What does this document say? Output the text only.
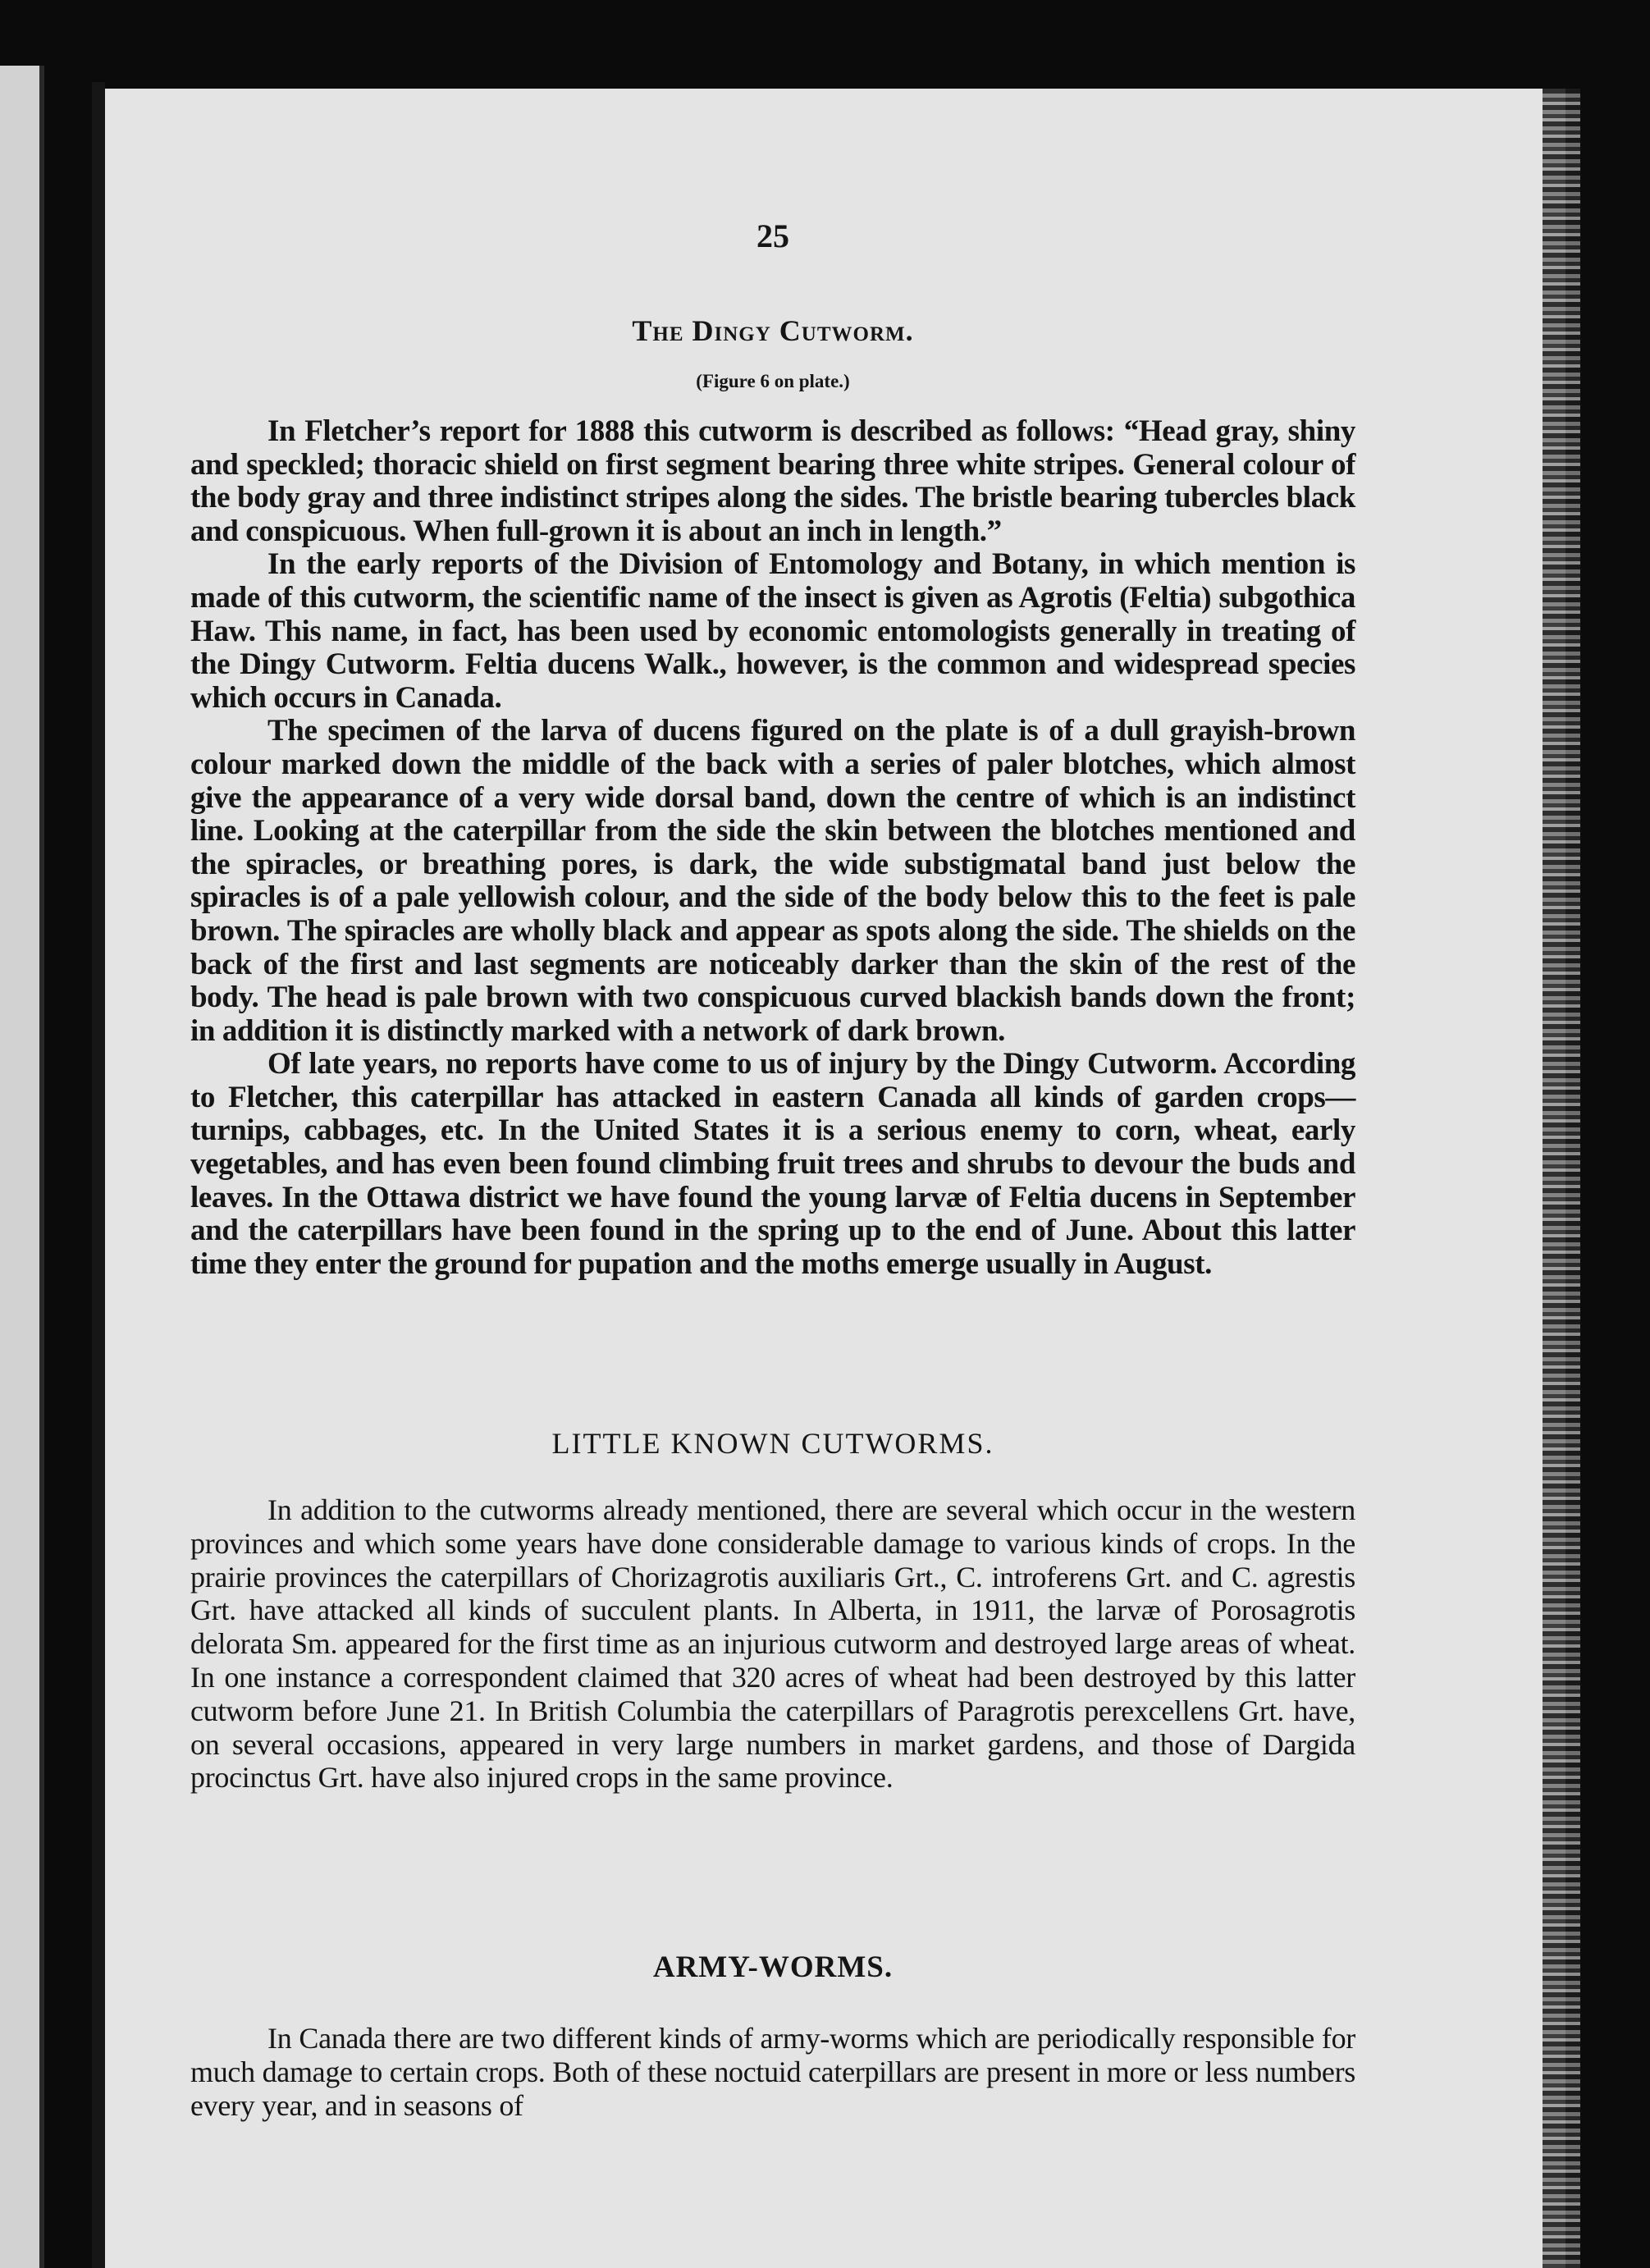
25
The Dingy Cutworm.
(Figure 6 on plate.)

In Fletcher’s report for 1888 this cutworm is described as follows: “Head gray, shiny and speckled; thoracic shield on first segment bearing three white stripes. General colour of the body gray and three indistinct stripes along the sides. The bristle bearing tubercles black and conspicuous. When full-grown it is about an inch in length.”

In the early reports of the Division of Entomology and Botany, in which mention is made of this cutworm, the scientific name of the insect is given as Agrotis (Feltia) subgothica Haw. This name, in fact, has been used by economic entomologists generally in treating of the Dingy Cutworm. Feltia ducens Walk., however, is the common and widespread species which occurs in Canada.

The specimen of the larva of ducens figured on the plate is of a dull grayish-brown colour marked down the middle of the back with a series of paler blotches, which almost give the appearance of a very wide dorsal band, down the centre of which is an indistinct line. Looking at the caterpillar from the side the skin between the blotches mentioned and the spiracles, or breathing pores, is dark, the wide substigmatal band just below the spiracles is of a pale yellowish colour, and the side of the body below this to the feet is pale brown. The spiracles are wholly black and appear as spots along the side. The shields on the back of the first and last segments are noticeably darker than the skin of the rest of the body. The head is pale brown with two conspicuous curved blackish bands down the front; in addition it is distinctly marked with a network of dark brown.

Of late years, no reports have come to us of injury by the Dingy Cutworm. According to Fletcher, this caterpillar has attacked in eastern Canada all kinds of garden crops—turnips, cabbages, etc. In the United States it is a serious enemy to corn, wheat, early vegetables, and has even been found climbing fruit trees and shrubs to devour the buds and leaves. In the Ottawa district we have found the young larvæ of Feltia ducens in September and the caterpillars have been found in the spring up to the end of June. About this latter time they enter the ground for pupation and the moths emerge usually in August.

LITTLE KNOWN CUTWORMS.

In addition to the cutworms already mentioned, there are several which occur in the western provinces and which some years have done considerable damage to various kinds of crops. In the prairie provinces the caterpillars of Chorizagrotis auxiliaris Grt., C. introferens Grt. and C. agrestis Grt. have attacked all kinds of succulent plants. In Alberta, in 1911, the larvæ of Porosagrotis delorata Sm. appeared for the first time as an injurious cutworm and destroyed large areas of wheat. In one instance a correspondent claimed that 320 acres of wheat had been destroyed by this latter cutworm before June 21. In British Columbia the caterpillars of Paragrotis perexcellens Grt. have, on several occasions, appeared in very large numbers in market gardens, and those of Dargida procinctus Grt. have also injured crops in the same province.

ARMY-WORMS.

In Canada there are two different kinds of army-worms which are periodically responsible for much damage to certain crops. Both of these noctuid caterpillars are present in more or less numbers every year, and in seasons of
